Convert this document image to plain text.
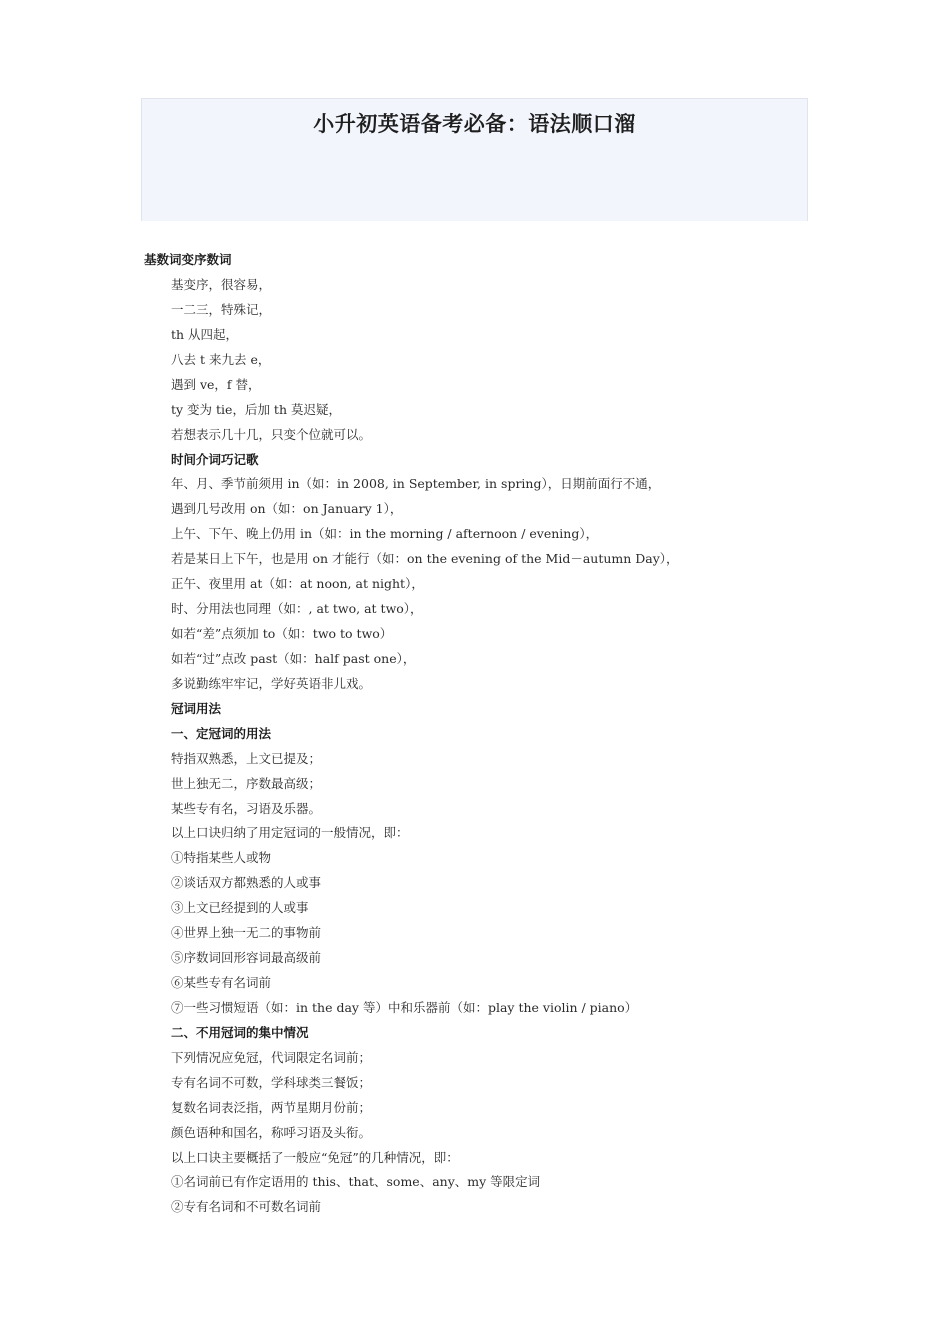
小升初英语备考必备：语法顺口溜
基数词变序数词
基变序，很容易，
一二三，特殊记，
th 从四起，
八去 t 来九去 e，
遇到 ve，f 替，
ty 变为 tie，后加 th 莫迟疑，
若想表示几十几，只变个位就可以。
时间介词巧记歌
年、月、季节前须用 in（如：in 2008, in September, in spring），日期前面行不通，
遇到几号改用 on（如：on January 1），
上午、下午、晚上仍用 in（如：in the morning / afternoon / evening），
若是某日上下午，也是用 on 才能行（如：on the evening of the Mid－autumn Day），
正午、夜里用 at（如：at noon, at night），
时、分用法也同理（如：, at two, at two），
如若“差”点须加 to（如：two to two）
如若“过”点改 past（如：half past one），
多说勤练牢牢记，学好英语非儿戏。
冠词用法
一、定冠词的用法
特指双熟悉，上文已提及；
世上独无二，序数最高级；
某些专有名，习语及乐器。
以上口诀归纳了用定冠词的一般情况，即：
①特指某些人或物
②谈话双方都熟悉的人或事
③上文已经提到的人或事
④世界上独一无二的事物前
⑤序数词回形容词最高级前
⑥某些专有名词前
⑦一些习惯短语（如：in the day 等）中和乐器前（如：play the violin / piano）
二、不用冠词的集中情况
下列情况应免冠，代词限定名词前；
专有名词不可数，学科球类三餐饭；
复数名词表泛指，两节星期月份前；
颜色语种和国名，称呼习语及头衔。
以上口诀主要概括了一般应“免冠”的几种情况，即：
①名词前已有作定语用的 this、that、some、any、my 等限定词
②专有名词和不可数名词前
